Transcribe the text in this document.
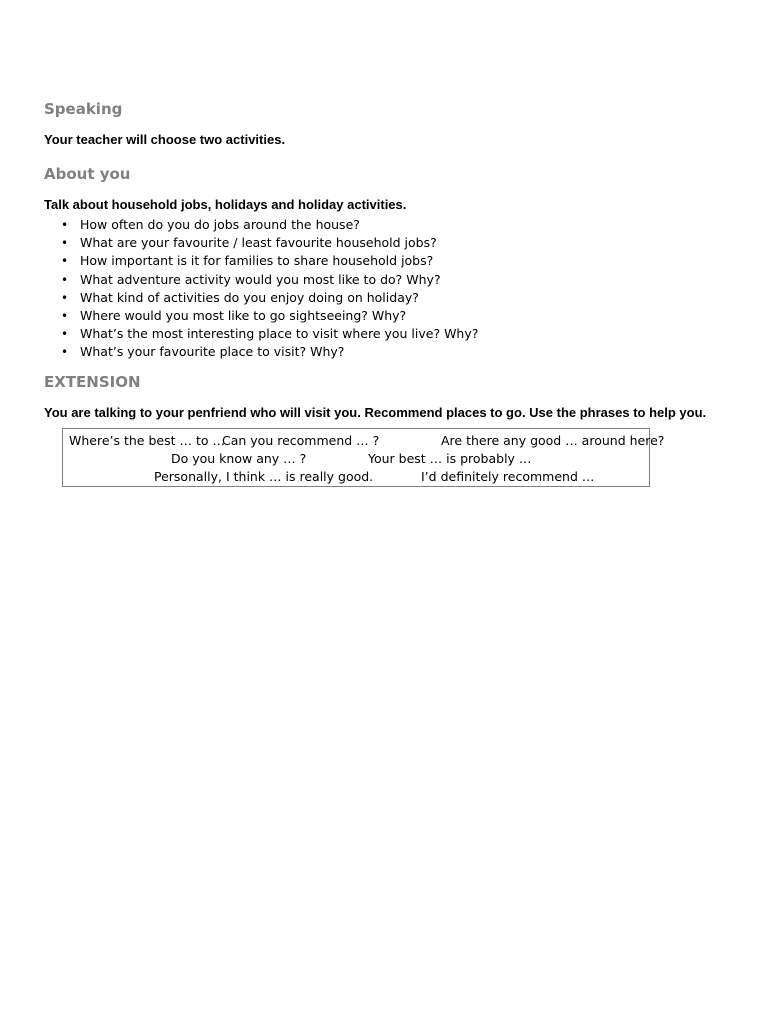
Speaking

Your teacher will choose two activities.

About you

Talk about household jobs, holidays and holiday activities.

• How often do you do jobs around the house?
• What are your favourite / least favourite household jobs?
• How important is it for families to share household jobs?
• What adventure activity would you most like to do? Why?
• What kind of activities do you enjoy doing on holiday?
• Where would you most like to go sightseeing? Why?
• What’s the most interesting place to visit where you live? Why?
• What’s your favourite place to visit? Why?
EXTENSION

You are talking to your penfriend who will visit you. Recommend places to go. Use the phrases to help you.

Where’s the best … to …
Can you recommend … ?	Are there any good … around here?
Do you know any … ?	Your best … is probably …
Personally, I think … is really good.	I’d definitely recommend …
